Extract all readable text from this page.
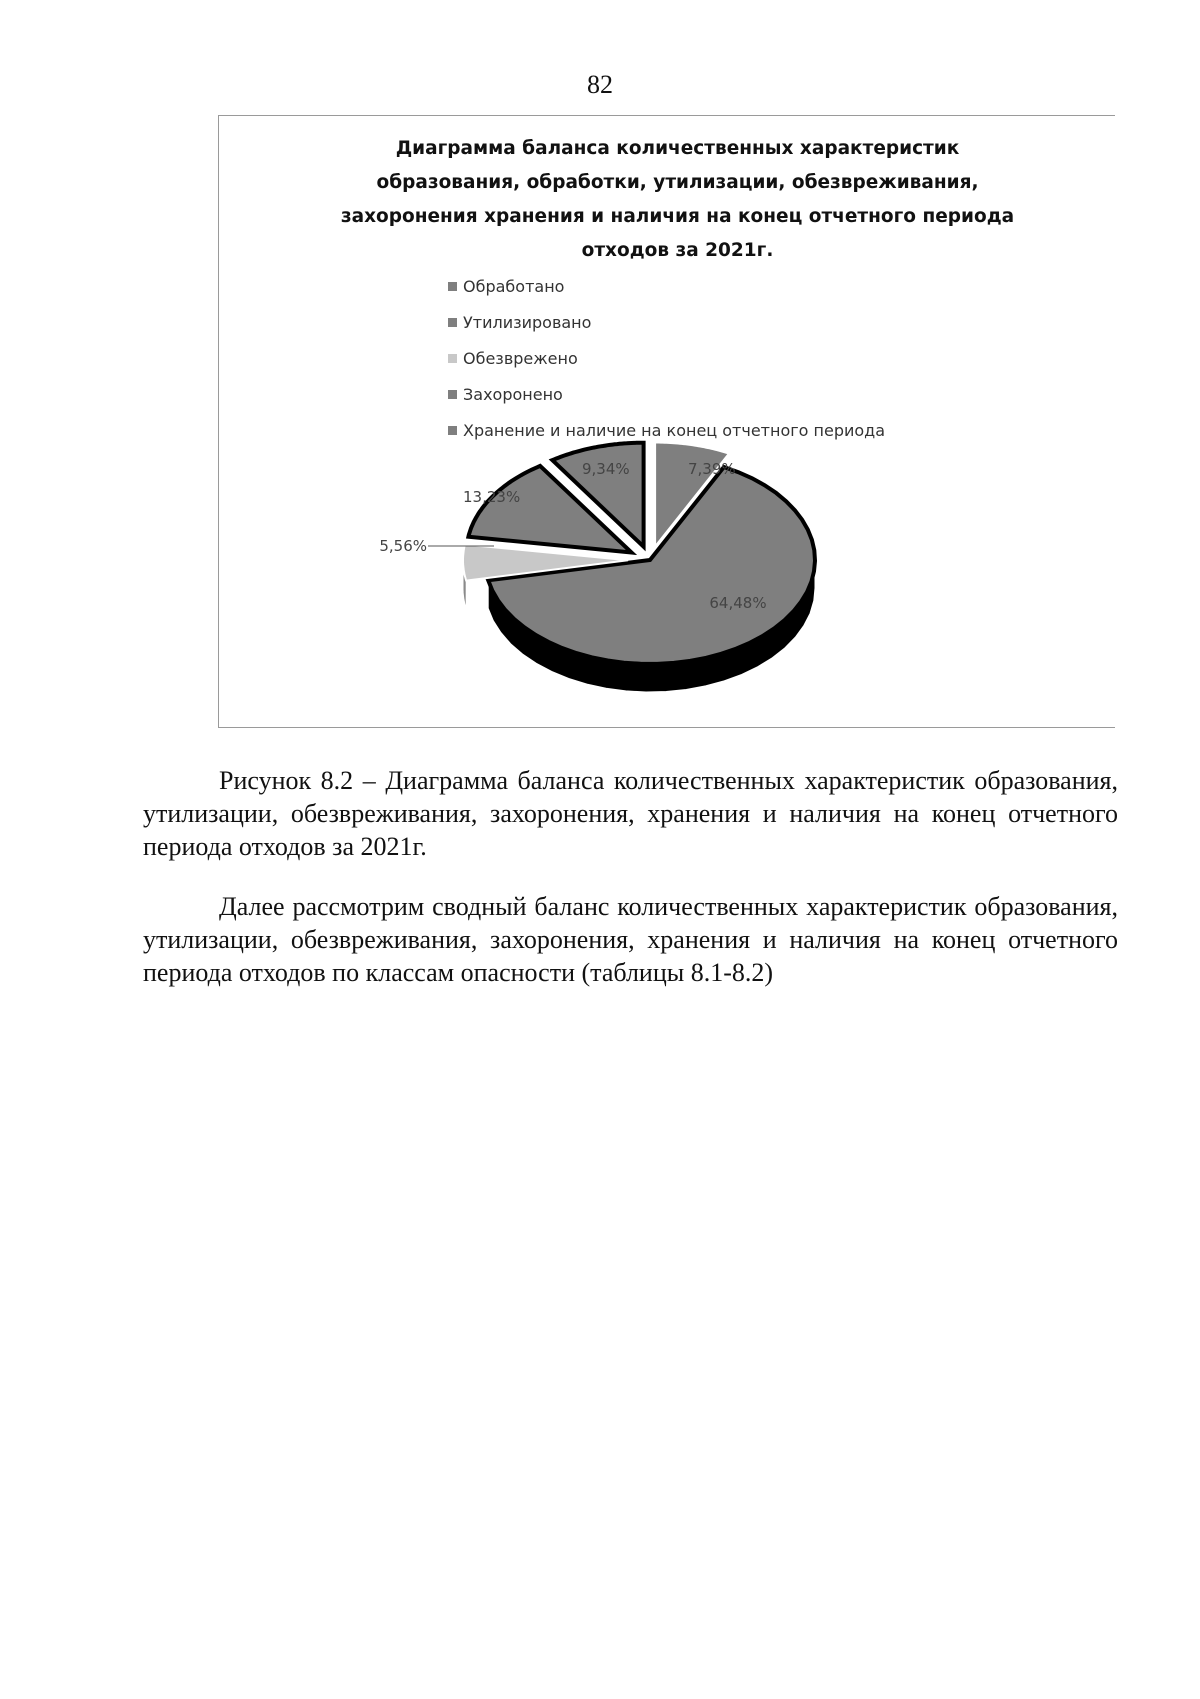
82
Диаграмма баланса количественных характеристик
образования, обработки, утилизации, обезвреживания,
захоронения хранения и наличия на конец отчетного периода
отходов за 2021г.
Обработано
Утилизировано
Обезврежено
Захоронено
Хранение и наличие на конец отчетного периода
7,39%
64,48%
5,56%
13,23%
9,34%
Рисунок 8.2 – Диаграмма баланса количественных характеристик образования, утилизации, обезвреживания, захоронения, хранения и наличия на конец отчетного периода отходов за 2021г.
Далее рассмотрим сводный баланс количественных характеристик образования, утилизации, обезвреживания, захоронения, хранения и наличия на конец отчетного периода отходов по классам опасности (таблицы 8.1-8.2)
